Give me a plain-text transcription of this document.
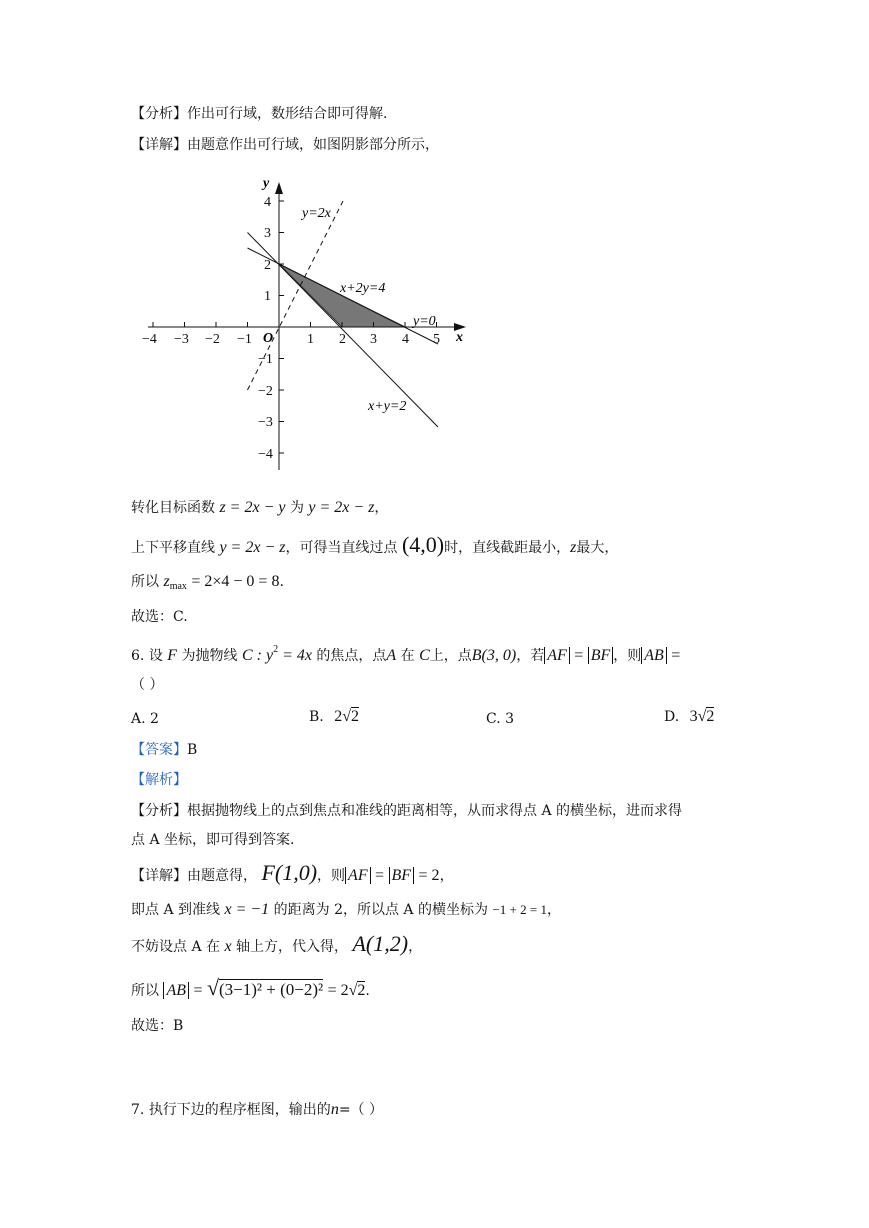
【分析】作出可行域，数形结合即可得解.
【详解】由题意作出可行域，如图阴影部分所示，
−4 −3 −2 −1	1 2 3 4 5
4
3
2
1
−1
−2
−3
−4
O
y
x
y=2x
x+2y=4
y=0
x+y=2
转化目标函数 z = 2x − y 为 y = 2x − z，
上下平移直线 y = 2x − z，可得当直线过点 (4,0)时，直线截距最小，z最大，
所以 $z_{max} = 2\times 4 - 0 = 8$.
故选：C.
6. 设 F 为抛物线 C : $y^2 = 4x$ 的焦点，点A 在 C上，点B(3, 0)，若 AF = BF ，则 AB =
（ ）
A. 2	B. 2√2	C. 3	D. 3√2
【答案】B
【解析】
【分析】根据抛物线上的点到焦点和准线的距离相等，从而求得点 A 的横坐标，进而求得
点 A 坐标，即可得到答案.
【详解】由题意得， F(1,0)，则 AF = BF = 2，
即点 A 到准线 x = −1 的距离为 2，所以点 A 的横坐标为 −1 + 2 = 1，
不妨设点 A 在 x 轴上方，代入得， A(1,2)，
所以 AB = √(3−1)² + (0−2)² = 2√2.
故选：B
7. 执行下边的程序框图，输出的n=（ ）
